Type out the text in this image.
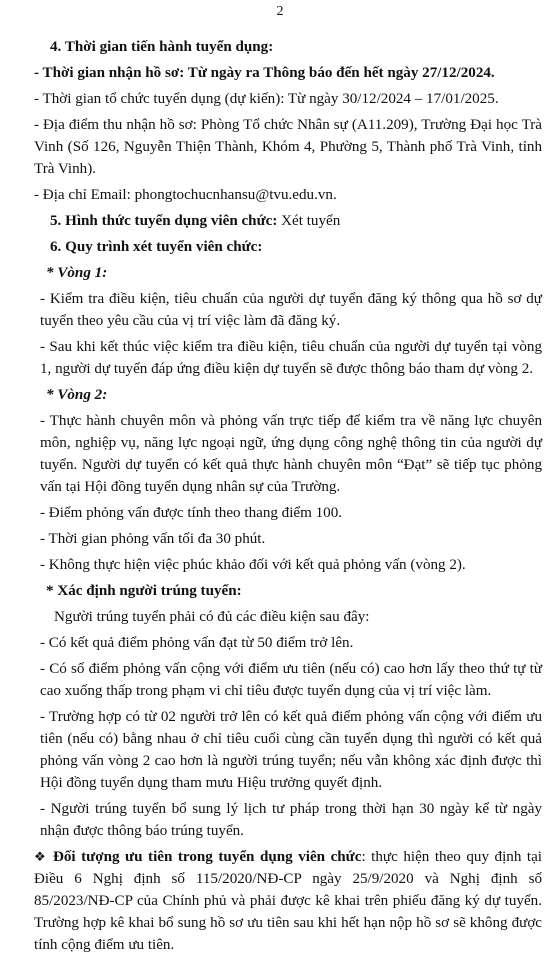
2

4. Thời gian tiến hành tuyển dụng:

- Thời gian nhận hồ sơ: Từ ngày ra Thông báo đến hết ngày 27/12/2024.

- Thời gian tổ chức tuyển dụng (dự kiến): Từ ngày 30/12/2024 – 17/01/2025.

- Địa điểm thu nhận hồ sơ: Phòng Tổ chức Nhân sự (A11.209), Trường Đại học Trà Vinh (Số 126, Nguyễn Thiện Thành, Khóm 4, Phường 5, Thành phố Trà Vinh, tỉnh Trà Vinh).

- Địa chỉ Email: phongtochucnhansu@tvu.edu.vn.

5. Hình thức tuyển dụng viên chức: Xét tuyển

6. Quy trình xét tuyển viên chức:

* Vòng 1:

- Kiểm tra điều kiện, tiêu chuẩn của người dự tuyển đăng ký thông qua hồ sơ dự tuyển theo yêu cầu của vị trí việc làm đã đăng ký.

- Sau khi kết thúc việc kiểm tra điều kiện, tiêu chuẩn của người dự tuyển tại vòng 1, người dự tuyển đáp ứng điều kiện dự tuyển sẽ được thông báo tham dự vòng 2.

* Vòng 2:

- Thực hành chuyên môn và phỏng vấn trực tiếp để kiểm tra về năng lực chuyên môn, nghiệp vụ, năng lực ngoại ngữ, ứng dụng công nghệ thông tin của người dự tuyển. Người dự tuyển có kết quả thực hành chuyên môn “Đạt” sẽ tiếp tục phỏng vấn tại Hội đồng tuyển dụng nhân sự của Trường.

- Điểm phỏng vấn được tính theo thang điểm 100.

- Thời gian phỏng vấn tối đa 30 phút.

- Không thực hiện việc phúc khảo đối với kết quả phỏng vấn (vòng 2).

* Xác định người trúng tuyển:

Người trúng tuyển phải có đủ các điều kiện sau đây:

- Có kết quả điểm phỏng vấn đạt từ 50 điểm trở lên.

- Có số điểm phỏng vấn cộng với điểm ưu tiên (nếu có) cao hơn lấy theo thứ tự từ cao xuống thấp trong phạm vi chỉ tiêu được tuyển dụng của vị trí việc làm.

- Trường hợp có từ 02 người trở lên có kết quả điểm phỏng vấn cộng với điểm ưu tiên (nếu có) bằng nhau ở chỉ tiêu cuối cùng cần tuyển dụng thì người có kết quả phỏng vấn vòng 2 cao hơn là người trúng tuyển; nếu vẫn không xác định được thì Hội đồng tuyển dụng tham mưu Hiệu trưởng quyết định.

- Người trúng tuyển bổ sung lý lịch tư pháp trong thời hạn 30 ngày kể từ ngày nhận được thông báo trúng tuyển.

❖ Đối tượng ưu tiên trong tuyển dụng viên chức: thực hiện theo quy định tại Điều 6 Nghị định số 115/2020/NĐ-CP ngày 25/9/2020 và Nghị định số 85/2023/NĐ-CP của Chính phủ và phải được kê khai trên phiếu đăng ký dự tuyển. Trường hợp kê khai bổ sung hồ sơ ưu tiên sau khi hết hạn nộp hồ sơ sẽ không được tính cộng điểm ưu tiên.
